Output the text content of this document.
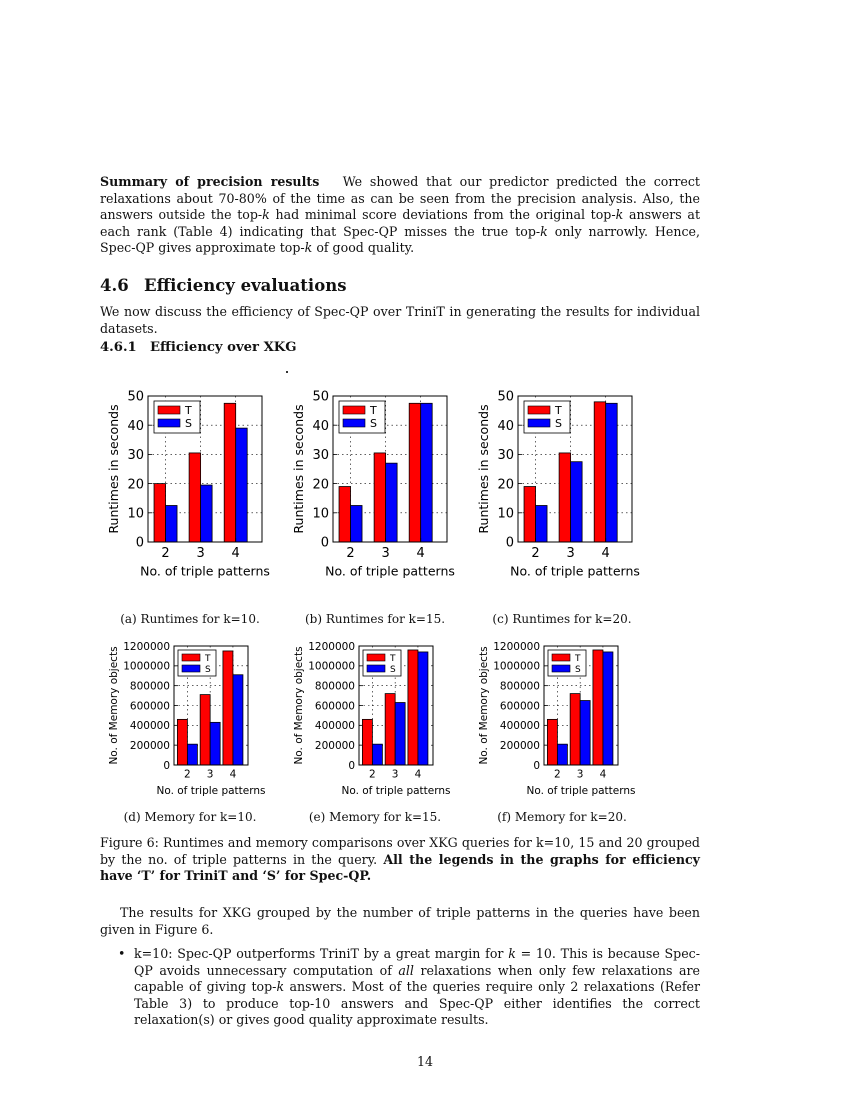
Summary of precision results We showed that our predictor predicted the correct relaxations about 70-80% of the time as can be seen from the precision analysis. Also, the answers outside the top-k had minimal score deviations from the original top-k answers at each rank (Table 4) indicating that Spec-QP misses the true top-k only narrowly. Hence, Spec-QP gives approximate top-k of good quality.
4.6 Efficiency evaluations
We now discuss the efficiency of Spec-QP over TriniT in generating the results for individual datasets.
4.6.1 Efficiency over XKG
0
10
20
30
40
50
2 3 4
T
S
No. of triple patterns
Runtimes in seconds
0
10
20
30
40
50
2 3 4
T
S
No. of triple patterns
Runtimes in seconds
0
10
20
30
40
50
2 3 4
T
S
No. of triple patterns
Runtimes in seconds
(a) Runtimes for k=10.	(b) Runtimes for k=15.	(c) Runtimes for k=20.
0
200000
400000
600000
800000
1000000
1200000
2 3 4
T
S
No. of triple patterns
No. of Memory objects
0
200000
400000
600000
800000
1000000
1200000
2 3 4
T
S
No. of triple patterns
No. of Memory objects
0
200000
400000
600000
800000
1000000
1200000
2 3 4
T
S
No. of triple patterns
No. of Memory objects
(d) Memory for k=10.	(e) Memory for k=15.	(f) Memory for k=20.
Figure 6: Runtimes and memory comparisons over XKG queries for k=10, 15 and 20 grouped by the no. of triple patterns in the query. All the legends in the graphs for efficiency have ‘T’ for TriniT and ‘S’ for Spec-QP.
The results for XKG grouped by the number of triple patterns in the queries have been given in Figure 6.
• k=10: Spec-QP outperforms TriniT by a great margin for k = 10. This is because Spec-QP avoids unnecessary computation of all relaxations when only few relaxations are capable of giving top-k answers. Most of the queries require only 2 relaxations (Refer Table 3) to produce top-10 answers and Spec-QP either identifies the correct relaxation(s) or gives good quality approximate results.
14
